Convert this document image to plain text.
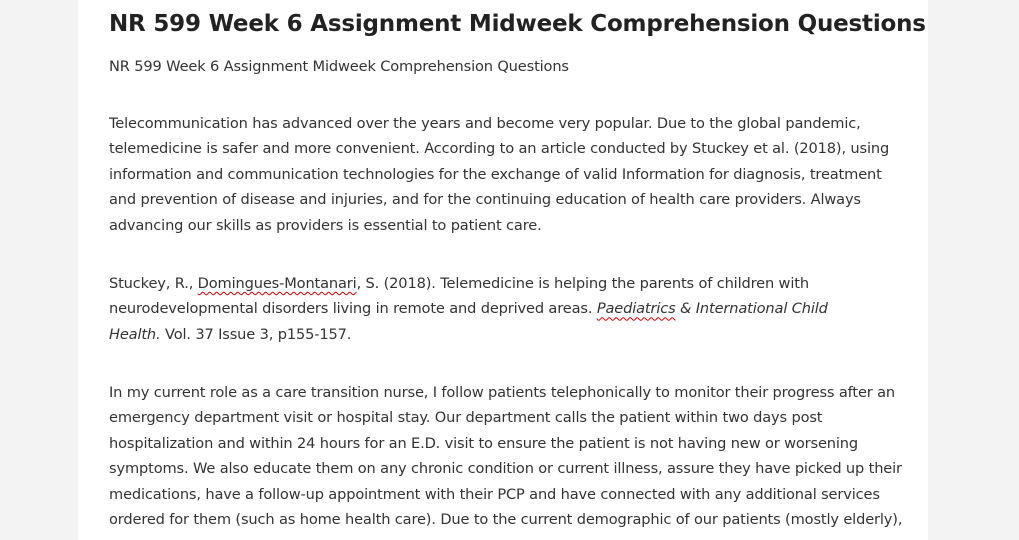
NR 599 Week 6 Assignment Midweek Comprehension Questions

NR 599 Week 6 Assignment Midweek Comprehension Questions

Telecommunication has advanced over the years and become very popular. Due to the global pandemic,
telemedicine is safer and more convenient. According to an article conducted by Stuckey et al. (2018), using
information and communication technologies for the exchange of valid Information for diagnosis, treatment
and prevention of disease and injuries, and for the continuing education of health care providers. Always
advancing our skills as providers is essential to patient care.

Stuckey, R., Domingues-Montanari, S. (2018). Telemedicine is helping the parents of children with
neurodevelopmental disorders living in remote and deprived areas. Paediatrics & International Child
Health. Vol. 37 Issue 3, p155-157.

In my current role as a care transition nurse, I follow patients telephonically to monitor their progress after an
emergency department visit or hospital stay. Our department calls the patient within two days post
hospitalization and within 24 hours for an E.D. visit to ensure the patient is not having new or worsening
symptoms. We also educate them on any chronic condition or current illness, assure they have picked up their
medications, have a follow-up appointment with their PCP and have connected with any additional services
ordered for them (such as home health care). Due to the current demographic of our patients (mostly elderly),
